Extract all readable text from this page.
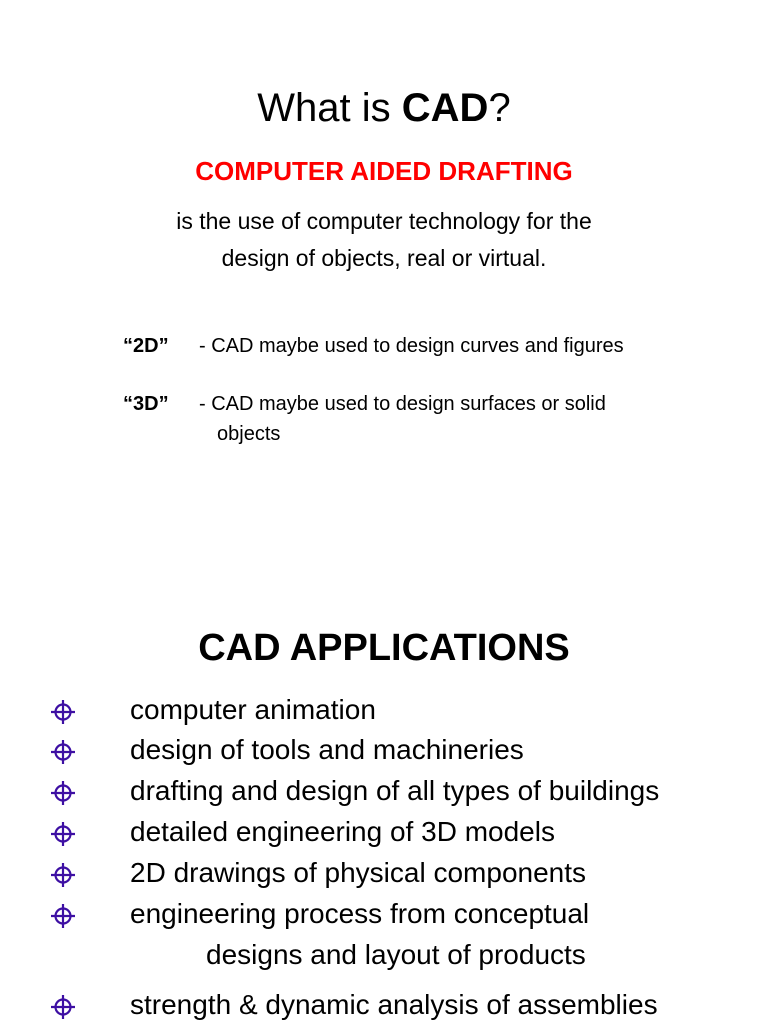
What is CAD?
COMPUTER AIDED DRAFTING
is the use of computer technology for the
design of objects, real or virtual.
“2D” - CAD maybe used to design curves and figures
“3D” - CAD maybe used to design surfaces or solid
objects
CAD APPLICATIONS
computer animation
design of tools and machineries
drafting and design of all types of buildings
detailed engineering of 3D models
2D drawings of physical components
engineering process from conceptual
designs and layout of products
strength & dynamic analysis of assemblies
